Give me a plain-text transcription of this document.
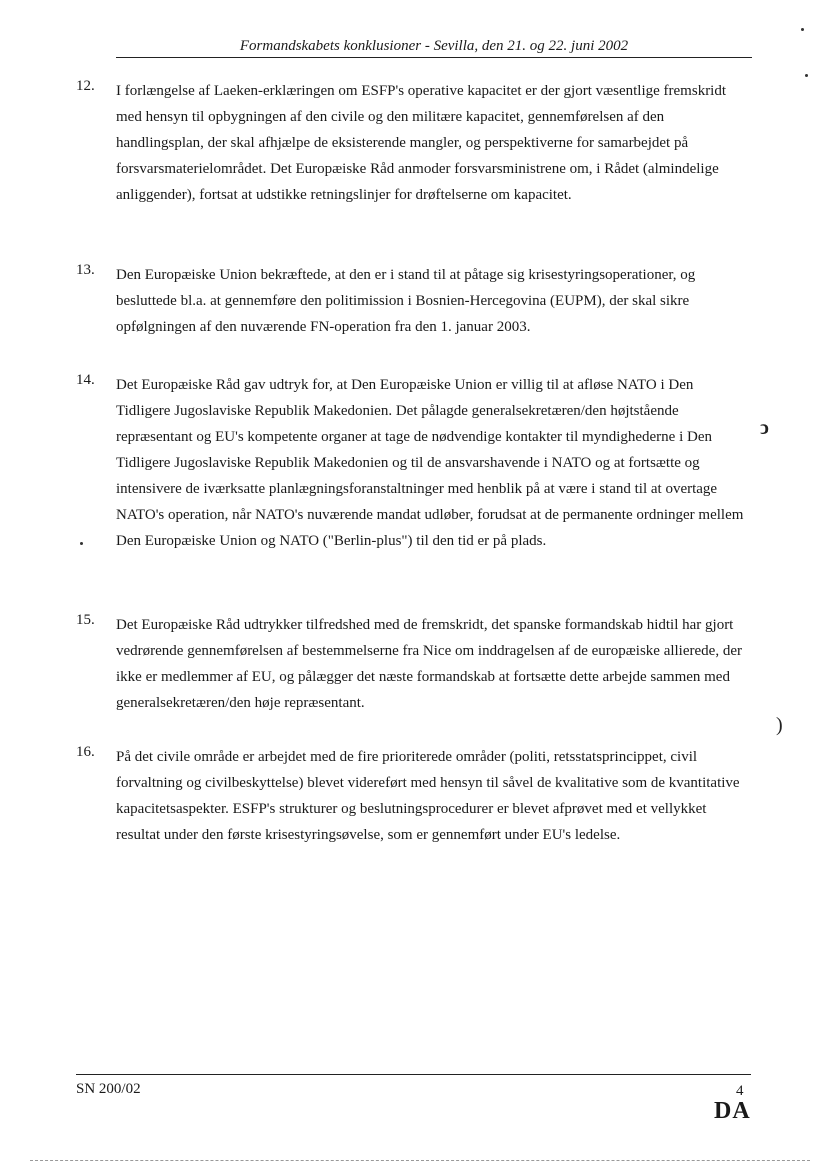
Formandskabets konklusioner - Sevilla, den 21. og 22. juni 2002
12. I forlængelse af Laeken-erklæringen om ESFP's operative kapacitet er der gjort væsentlige fremskridt med hensyn til opbygningen af den civile og den militære kapacitet, gennemførelsen af den handlingsplan, der skal afhjælpe de eksisterende mangler, og perspektiverne for samarbejdet på forsvarsmaterielområdet. Det Europæiske Råd anmoder forsvarsministrene om, i Rådet (almindelige anliggender), fortsat at udstikke retningslinjer for drøftelserne om kapacitet.
13. Den Europæiske Union bekræftede, at den er i stand til at påtage sig krisestyringsoperationer, og besluttede bl.a. at gennemføre den politimission i Bosnien-Hercegovina (EUPM), der skal sikre opfølgningen af den nuværende FN-operation fra den 1. januar 2003.
14. Det Europæiske Råd gav udtryk for, at Den Europæiske Union er villig til at afløse NATO i Den Tidligere Jugoslaviske Republik Makedonien. Det pålagde generalsekretæren/den højtstående repræsentant og EU's kompetente organer at tage de nødvendige kontakter til myndighederne i Den Tidligere Jugoslaviske Republik Makedonien og til de ansvarshavende i NATO og at fortsætte og intensivere de iværksatte planlægningsforanstaltninger med henblik på at være i stand til at overtage NATO's operation, når NATO's nuværende mandat udløber, forudsat at de permanente ordninger mellem Den Europæiske Union og NATO ("Berlin-plus") til den tid er på plads.
15. Det Europæiske Råd udtrykker tilfredshed med de fremskridt, det spanske formandskab hidtil har gjort vedrørende gennemførelsen af bestemmelserne fra Nice om inddragelsen af de europæiske allierede, der ikke er medlemmer af EU, og pålægger det næste formandskab at fortsætte dette arbejde sammen med generalsekretæren/den høje repræsentant.
16. På det civile område er arbejdet med de fire prioriterede områder (politi, retsstatsprincippet, civil forvaltning og civilbeskyttelse) blevet videreført med hensyn til såvel de kvalitative som de kvantitative kapacitetsaspekter. ESFP's strukturer og beslutningsprocedurer er blevet afprøvet med et vellykket resultat under den første krisestyringsøvelse, som er gennemført under EU's ledelse.
ↄ
)
SN 200/02	4
DA
